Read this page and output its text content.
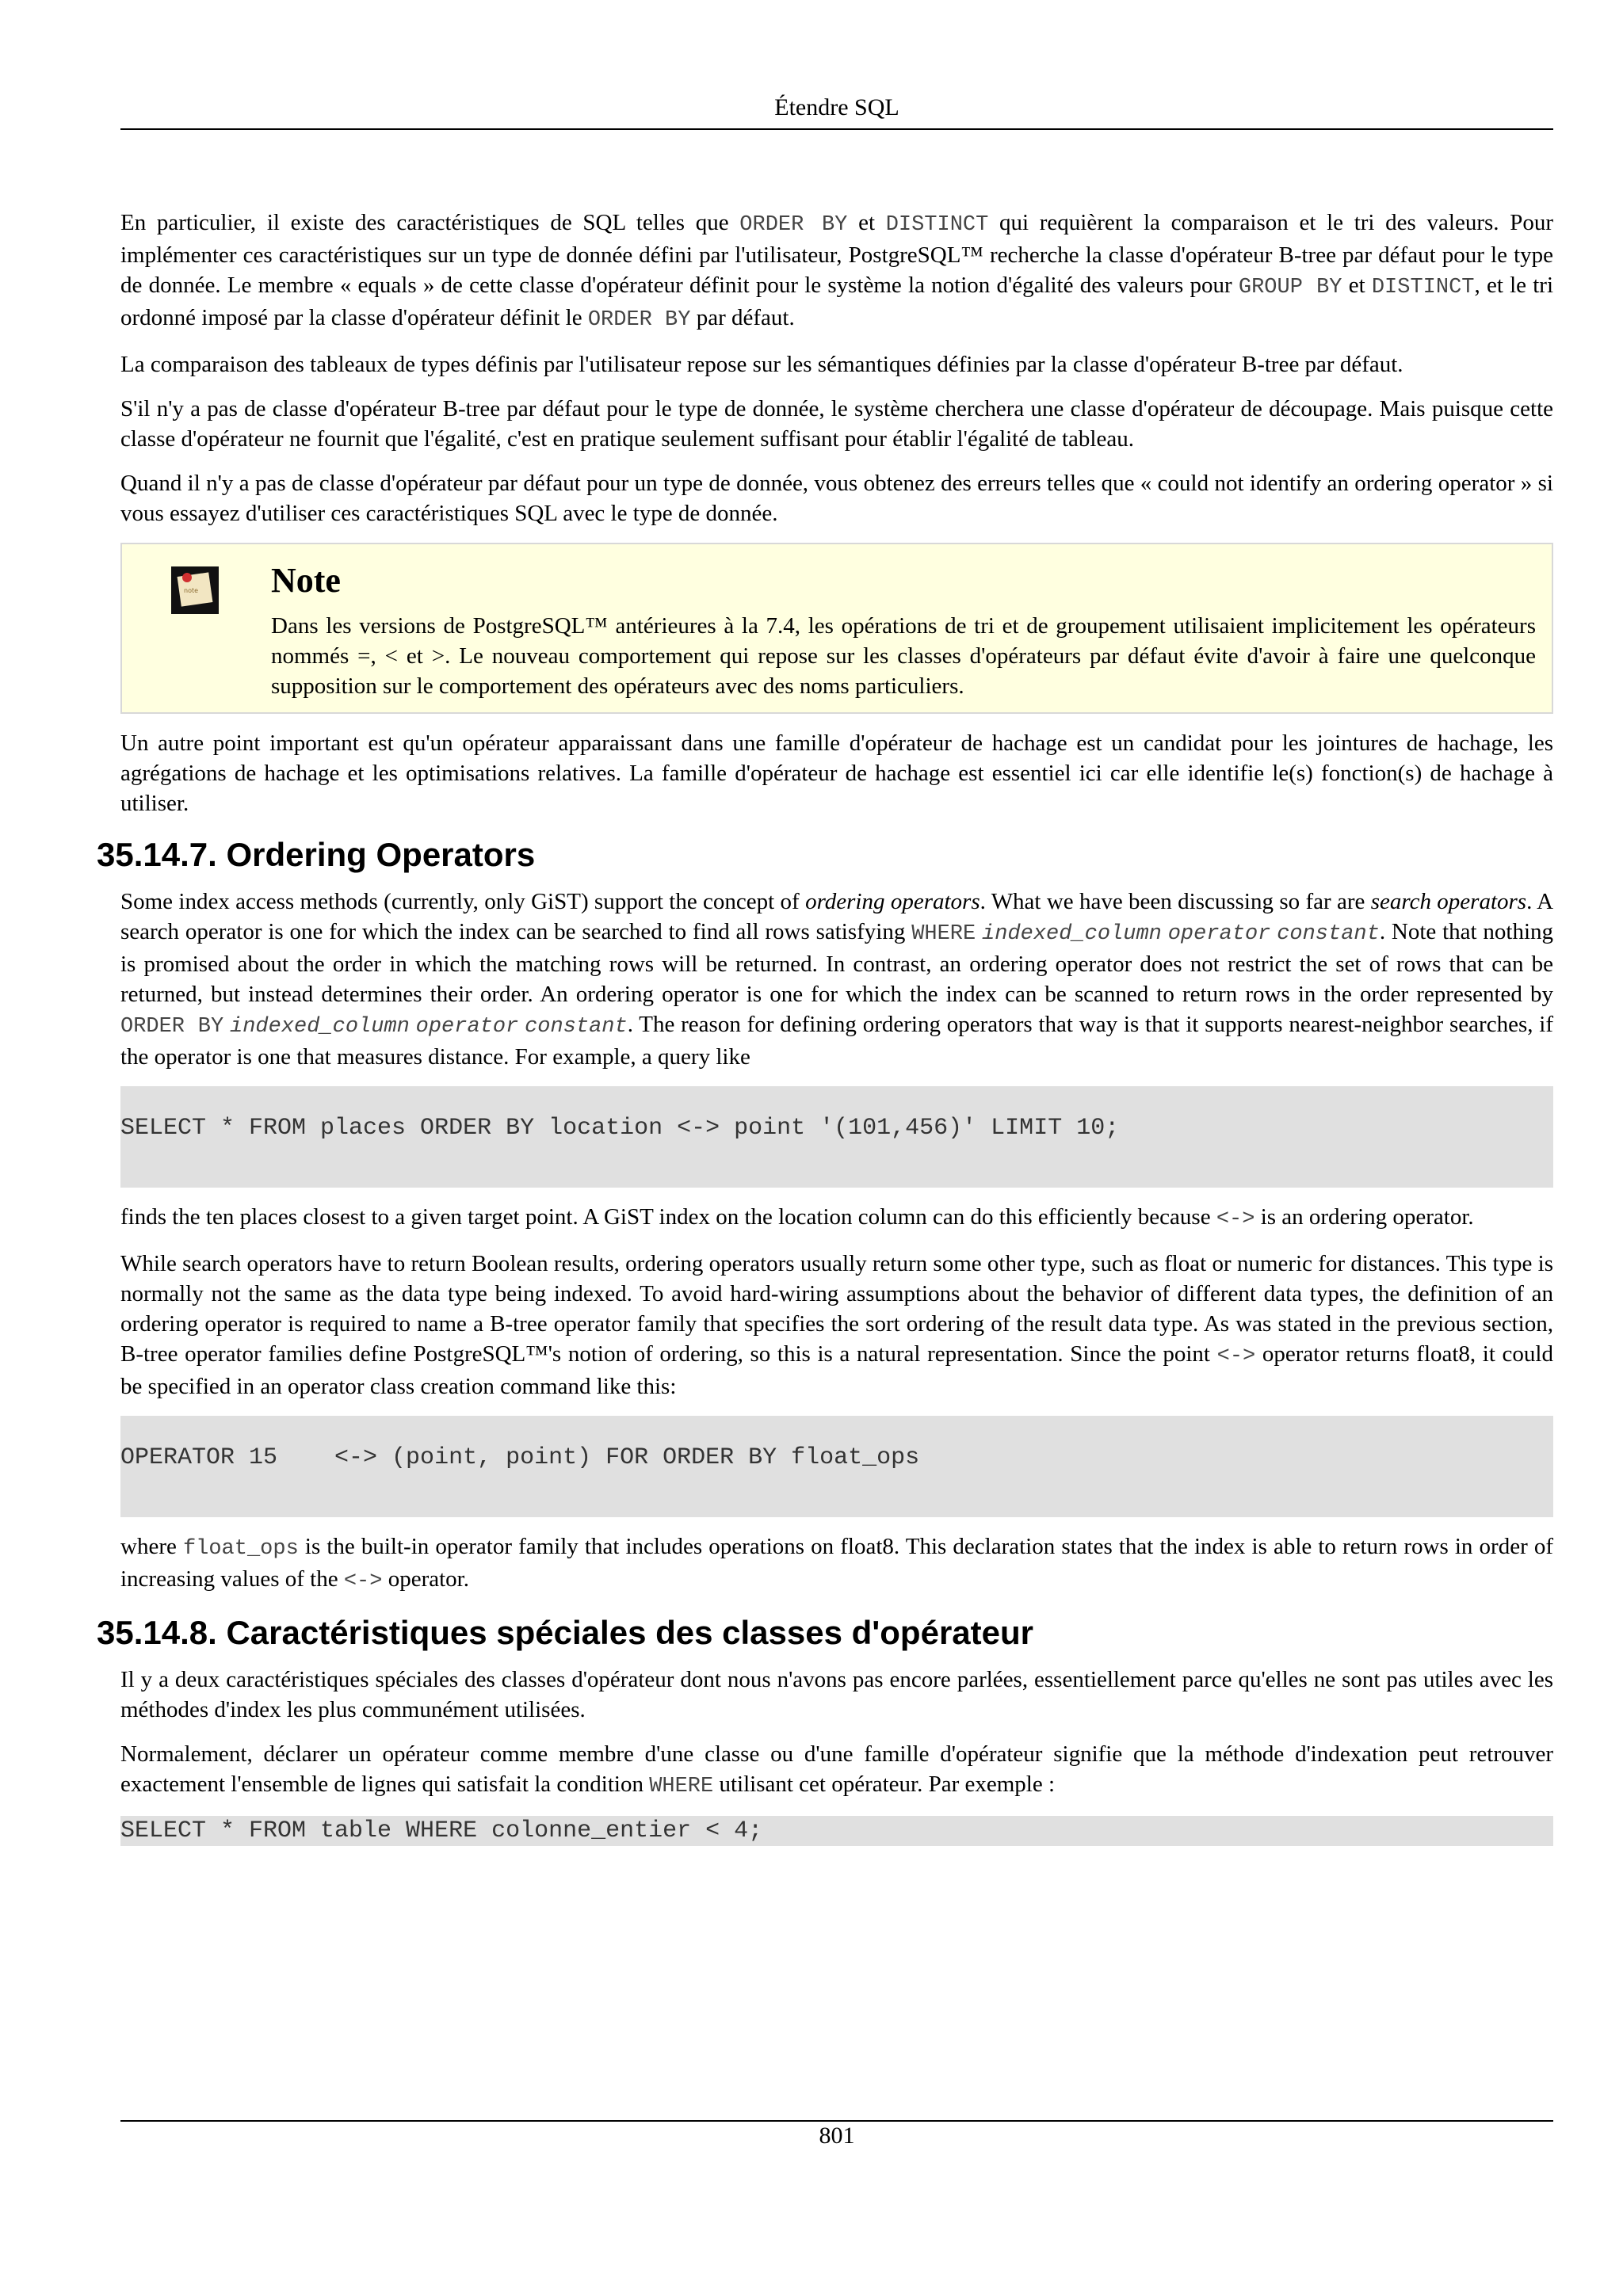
Étendre SQL

En particulier, il existe des caractéristiques de SQL telles que ORDER BY et DISTINCT qui requièrent la comparaison et le tri des valeurs. Pour implémenter ces caractéristiques sur un type de donnée défini par l'utilisateur, PostgreSQL™ recherche la classe d'opérateur B-tree par défaut pour le type de donnée. Le membre « equals » de cette classe d'opérateur définit pour le système la notion d'égalité des valeurs pour GROUP BY et DISTINCT, et le tri ordonné imposé par la classe d'opérateur définit le ORDER BY par défaut.

La comparaison des tableaux de types définis par l'utilisateur repose sur les sémantiques définies par la classe d'opérateur B-tree par défaut.

S'il n'y a pas de classe d'opérateur B-tree par défaut pour le type de donnée, le système cherchera une classe d'opérateur de découpage. Mais puisque cette classe d'opérateur ne fournit que l'égalité, c'est en pratique seulement suffisant pour établir l'égalité de tableau.

Quand il n'y a pas de classe d'opérateur par défaut pour un type de donnée, vous obtenez des erreurs telles que « could not identify an ordering operator » si vous essayez d'utiliser ces caractéristiques SQL avec le type de donnée.

note Note

Dans les versions de PostgreSQL™ antérieures à la 7.4, les opérations de tri et de groupement utilisaient implicitement les opérateurs nommés =, < et >. Le nouveau comportement qui repose sur les classes d'opérateurs par défaut évite d'avoir à faire une quelconque supposition sur le comportement des opérateurs avec des noms particuliers.

Un autre point important est qu'un opérateur apparaissant dans une famille d'opérateur de hachage est un candidat pour les jointures de hachage, les agrégations de hachage et les optimisations relatives. La famille d'opérateur de hachage est essentiel ici car elle identifie le(s) fonction(s) de hachage à utiliser.

35.14.7. Ordering Operators

Some index access methods (currently, only GiST) support the concept of ordering operators. What we have been discussing so far are search operators. A search operator is one for which the index can be searched to find all rows satisfying WHERE indexed_column operator constant. Note that nothing is promised about the order in which the matching rows will be returned. In contrast, an ordering operator does not restrict the set of rows that can be returned, but instead determines their order. An ordering operator is one for which the index can be scanned to return rows in the order represented by ORDER BY indexed_column operator constant. The reason for defining ordering operators that way is that it supports nearest-neighbor searches, if the operator is one that measures distance. For example, a query like

SELECT * FROM places ORDER BY location <-> point '(101,456)' LIMIT 10;

finds the ten places closest to a given target point. A GiST index on the location column can do this efficiently because <-> is an ordering operator.

While search operators have to return Boolean results, ordering operators usually return some other type, such as float or numeric for distances. This type is normally not the same as the data type being indexed. To avoid hard-wiring assumptions about the behavior of different data types, the definition of an ordering operator is required to name a B-tree operator family that specifies the sort ordering of the result data type. As was stated in the previous section, B-tree operator families define PostgreSQL™'s notion of ordering, so this is a natural representation. Since the point <-> operator returns float8, it could be specified in an operator class creation command like this:

OPERATOR 15    <-> (point, point) FOR ORDER BY float_ops

where float_ops is the built-in operator family that includes operations on float8. This declaration states that the index is able to return rows in order of increasing values of the <-> operator.

35.14.8. Caractéristiques spéciales des classes d'opérateur

Il y a deux caractéristiques spéciales des classes d'opérateur dont nous n'avons pas encore parlées, essentiellement parce qu'elles ne sont pas utiles avec les méthodes d'index les plus communément utilisées.

Normalement, déclarer un opérateur comme membre d'une classe ou d'une famille d'opérateur signifie que la méthode d'indexation peut retrouver exactement l'ensemble de lignes qui satisfait la condition WHERE utilisant cet opérateur. Par exemple :

SELECT * FROM table WHERE colonne_entier < 4;
801
